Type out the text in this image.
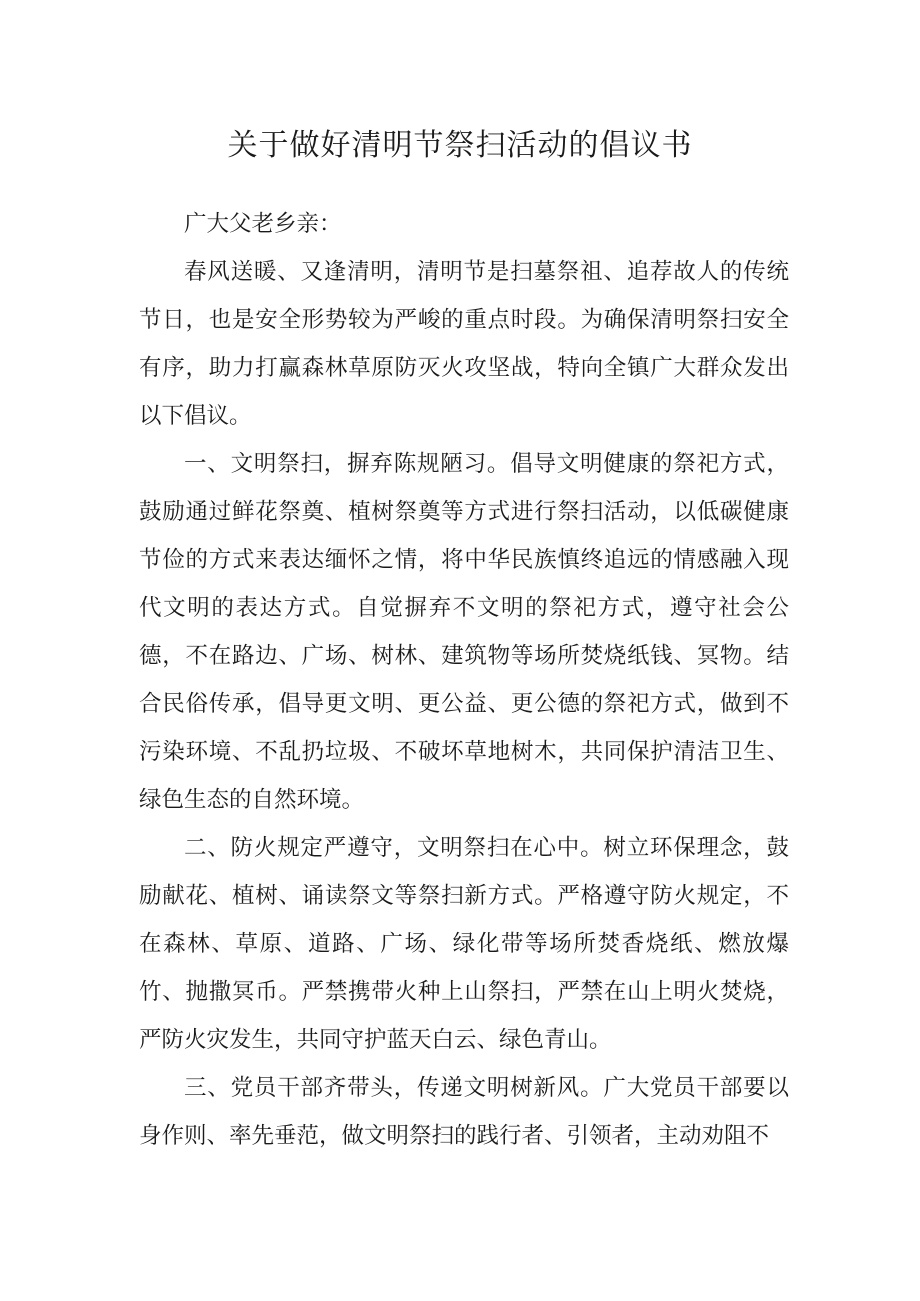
关于做好清明节祭扫活动的倡议书

广大父老乡亲：

春风送暖、又逢清明，清明节是扫墓祭祖、追荐故人的传统节日，也是安全形势较为严峻的重点时段。为确保清明祭扫安全有序，助力打赢森林草原防灭火攻坚战，特向全镇广大群众发出以下倡议。

一、文明祭扫，摒弃陈规陋习。倡导文明健康的祭祀方式，鼓励通过鲜花祭奠、植树祭奠等方式进行祭扫活动，以低碳健康节俭的方式来表达缅怀之情，将中华民族慎终追远的情感融入现代文明的表达方式。自觉摒弃不文明的祭祀方式，遵守社会公德，不在路边、广场、树林、建筑物等场所焚烧纸钱、冥物。结合民俗传承，倡导更文明、更公益、更公德的祭祀方式，做到不污染环境、不乱扔垃圾、不破坏草地树木，共同保护清洁卫生、绿色生态的自然环境。

二、防火规定严遵守，文明祭扫在心中。树立环保理念，鼓励献花、植树、诵读祭文等祭扫新方式。严格遵守防火规定，不在森林、草原、道路、广场、绿化带等场所焚香烧纸、燃放爆竹、抛撒冥币。严禁携带火种上山祭扫，严禁在山上明火焚烧，严防火灾发生，共同守护蓝天白云、绿色青山。

三、党员干部齐带头，传递文明树新风。广大党员干部要以身作则、率先垂范，做文明祭扫的践行者、引领者，主动劝阻不
